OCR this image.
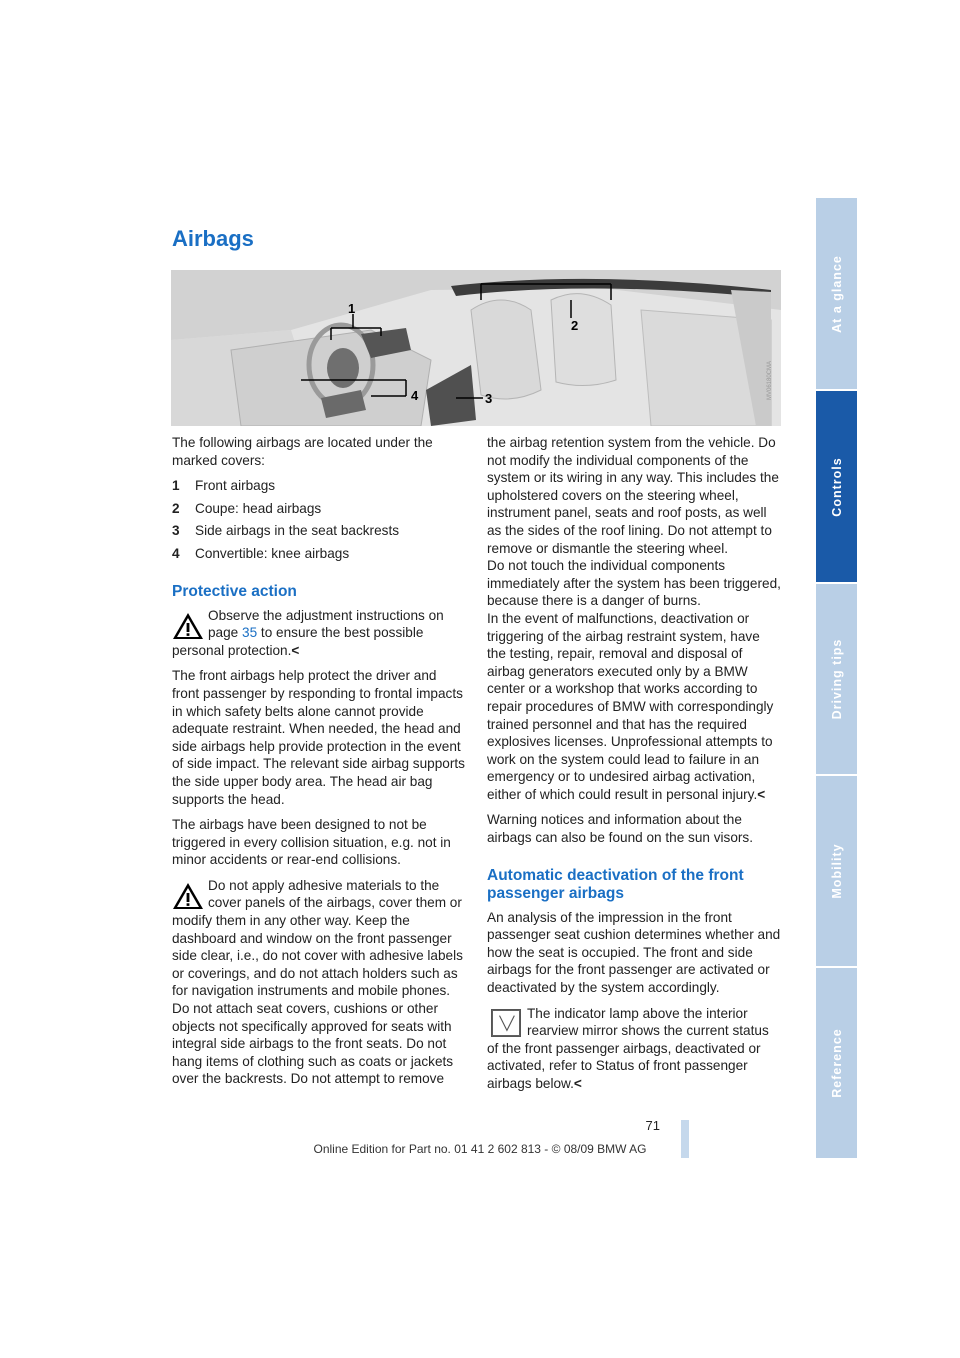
Airbags
1
2
3
4	MV06180CMA

The following airbags are located under the marked covers:

1 Front airbags
2 Coupe: head airbags
3 Side airbags in the seat backrests
4 Convertible: knee airbags
Protective action
Observe the adjustment instructions on page 35 to ensure the best possible personal protection.<

The front airbags help protect the driver and front passenger by responding to frontal impacts in which safety belts alone cannot provide adequate restraint. When needed, the head and side airbags help provide protection in the event of side impact. The relevant side airbag supports the side upper body area. The head air bag supports the head.

The airbags have been designed to not be triggered in every collision situation, e.g. not in minor accidents or rear-end collisions.

Do not apply adhesive materials to the cover panels of the airbags, cover them or modify them in any other way. Keep the dashboard and window on the front passenger side clear, i.e., do not cover with adhesive labels or coverings, and do not attach holders such as for navigation instruments and mobile phones. Do not attach seat covers, cushions or other objects not specifically approved for seats with integral side airbags to the front seats. Do not hang items of clothing such as coats or jackets over the backrests. Do not attempt to remove
the airbag retention system from the vehicle. Do not modify the individual components of the system or its wiring in any way. This includes the upholstered covers on the steering wheel, instrument panel, seats and roof posts, as well as the sides of the roof lining. Do not attempt to remove or dismantle the steering wheel.
Do not touch the individual components immediately after the system has been triggered, because there is a danger of burns.
In the event of malfunctions, deactivation or triggering of the airbag restraint system, have the testing, repair, removal and disposal of airbag generators executed only by a BMW center or a workshop that works according to repair procedures of BMW with correspondingly trained personnel and that has the required explosives licenses. Unprofessional attempts to work on the system could lead to failure in an emergency or to undesired airbag activation, either of which could result in personal injury.<

Warning notices and information about the airbags can also be found on the sun visors.

Automatic deactivation of the front passenger airbags

An analysis of the impression in the front passenger seat cushion determines whether and how the seat is occupied. The front and side airbags for the front passenger are activated or deactivated by the system accordingly.

The indicator lamp above the interior rearview mirror shows the current status of the front passenger airbags, deactivated or activated, refer to Status of front passenger airbags below.<
At a glance
Controls
Driving tips
Mobility
Reference
71
Online Edition for Part no. 01 41 2 602 813 - © 08/09 BMW AG
